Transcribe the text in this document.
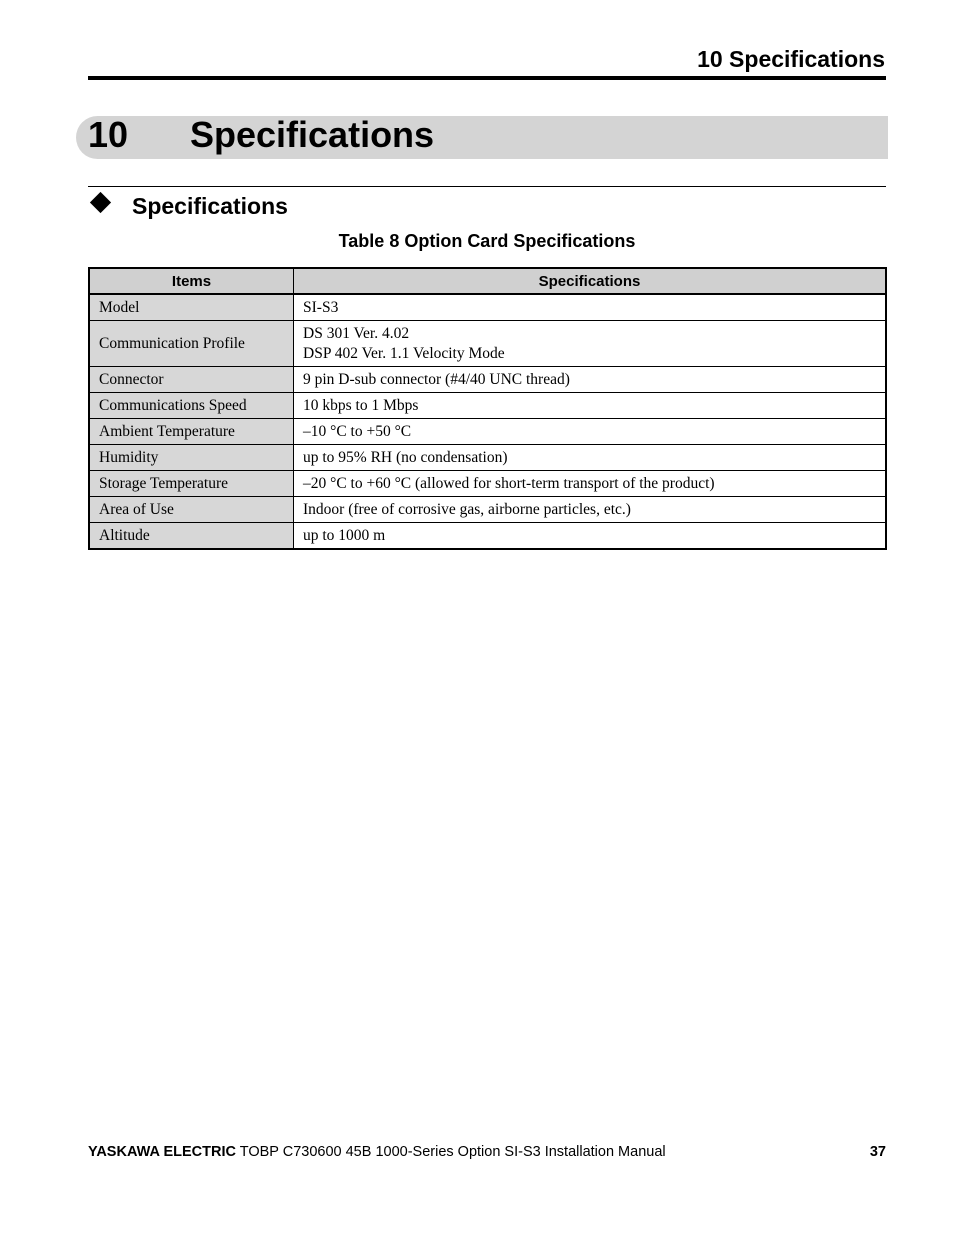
10 Specifications
10 Specifications
Specifications
Table 8 Option Card Specifications
Items	Specifications
Model	SI-S3
Communication Profile	DS 301 Ver. 4.02
DSP 402 Ver. 1.1 Velocity Mode

Connector	9 pin D-sub connector (#4/40 UNC thread)
Communications Speed	10 kbps to 1 Mbps
Ambient Temperature	–10 °C to +50 °C
Humidity	up to 95% RH (no condensation)
Storage Temperature	–20 °C to +60 °C (allowed for short-term transport of the product)
Area of Use	Indoor (free of corrosive gas, airborne particles, etc.)
Altitude	up to 1000 m
YASKAWA ELECTRIC TOBP C730600 45B 1000-Series Option SI-S3 Installation Manual	37
